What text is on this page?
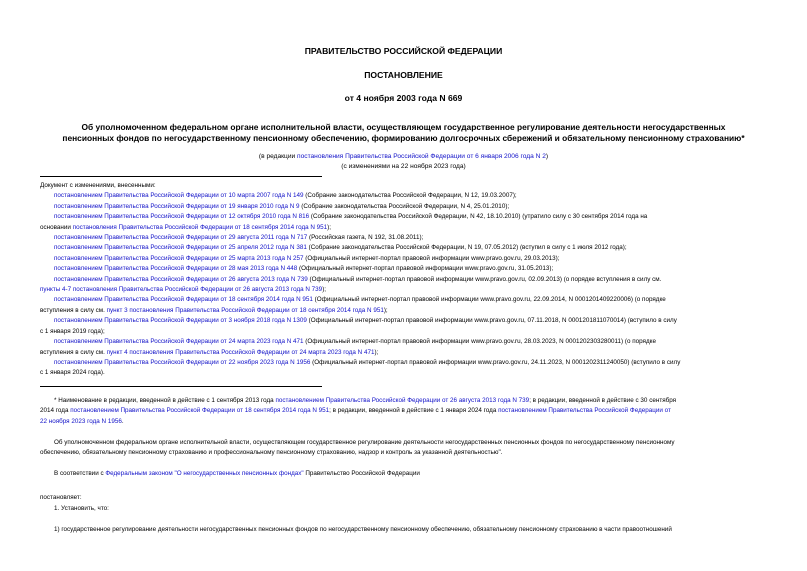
ПРАВИТЕЛЬСТВО РОССИЙСКОЙ ФЕДЕРАЦИИ
ПОСТАНОВЛЕНИЕ
от 4 ноября 2003 года N 669
Об уполномоченном федеральном органе исполнительной власти, осуществляющем государственное регулирование деятельности негосударственных
пенсионных фондов по негосударственному пенсионному обеспечению, формированию долгосрочных сбережений и обязательному пенсионному страхованию*
(в редакции постановления Правительства Российской Федерации от 6 января 2006 года N 2)
(с изменениями на 22 ноября 2023 года)
Документ с изменениями, внесенными:
постановлением Правительства Российской Федерации от 10 марта 2007 года N 149 (Собрание законодательства Российской Федерации, N 12, 19.03.2007);
постановлением Правительства Российской Федерации от 19 января 2010 года N 9 (Собрание законодательства Российской Федерации, N 4, 25.01.2010);
постановлением Правительства Российской Федерации от 12 октября 2010 года N 816 (Собрание законодательства Российской Федерации, N 42, 18.10.2010) (утратило силу с 30 сентября 2014 года на
основании постановления Правительства Российской Федерации от 18 сентября 2014 года N 951);
постановлением Правительства Российской Федерации от 29 августа 2011 года N 717 (Российская газета, N 192, 31.08.2011);
постановлением Правительства Российской Федерации от 25 апреля 2012 года N 381 (Собрание законодательства Российской Федерации, N 19, 07.05.2012) (вступил в силу с 1 июля 2012 года);
постановлением Правительства Российской Федерации от 25 марта 2013 года N 257 (Официальный интернет-портал правовой информации www.pravo.gov.ru, 29.03.2013);
постановлением Правительства Российской Федерации от 28 мая 2013 года N 448 (Официальный интернет-портал правовой информации www.pravo.gov.ru, 31.05.2013);
постановлением Правительства Российской Федерации от 26 августа 2013 года N 739 (Официальный интернет-портал правовой информации www.pravo.gov.ru, 02.09.2013) (о порядке вступления в силу см.
пункты 4-7 постановления Правительства Российской Федерации от 26 августа 2013 года N 739);
постановлением Правительства Российской Федерации от 18 сентября 2014 года N 951 (Официальный интернет-портал правовой информации www.pravo.gov.ru, 22.09.2014, N 0001201409220006) (о порядке
вступления в силу см. пункт 3 постановления Правительства Российской Федерации от 18 сентября 2014 года N 951);
постановлением Правительства Российской Федерации от 3 ноября 2018 года N 1309 (Официальный интернет-портал правовой информации www.pravo.gov.ru, 07.11.2018, N 0001201811070014) (вступило в силу
с 1 января 2019 года);
постановлением Правительства Российской Федерации от 24 марта 2023 года N 471 (Официальный интернет-портал правовой информации www.pravo.gov.ru, 28.03.2023, N 0001202303280011) (о порядке
вступления в силу см. пункт 4 постановления Правительства Российской Федерации от 24 марта 2023 года N 471);
постановлением Правительства Российской Федерации от 22 ноября 2023 года N 1956 (Официальный интернет-портал правовой информации www.pravo.gov.ru, 24.11.2023, N 0001202311240050) (вступило в силу
с 1 января 2024 года).
* Наименование в редакции, введенной в действие с 1 сентября 2013 года постановлением Правительства Российской Федерации от 26 августа 2013 года N 739; в редакции, введенной в действие с 30 сентября
2014 года постановлением Правительства Российской Федерации от 18 сентября 2014 года N 951; в редакции, введенной в действие с 1 января 2024 года постановлением Правительства Российской Федерации от
22 ноября 2023 года N 1956.
Об уполномоченном федеральном органе исполнительной власти, осуществляющем государственное регулирование деятельности негосударственных пенсионных фондов по негосударственному пенсионному
обеспечению, обязательному пенсионному страхованию и профессиональному пенсионному страхованию, надзор и контроль за указанной деятельностью".
В соответствии с Федеральным законом "О негосударственных пенсионных фондах" Правительство Российской Федерации
постановляет:
1. Установить, что:
1) государственное регулирование деятельности негосударственных пенсионных фондов по негосударственному пенсионному обеспечению, обязательному пенсионному страхованию в части правоотношений
